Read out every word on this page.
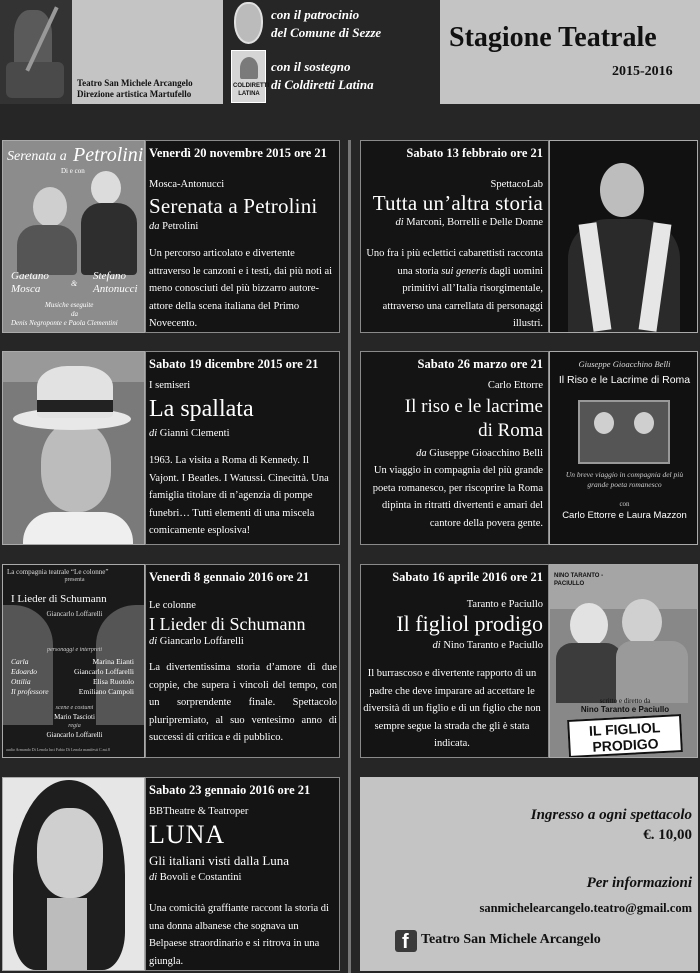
Teatro San Michele Arcangelo
Direzione artistica Martufello
COLDIRETTI LATINA
con il patrocinio
del Comune di Sezze
con il sostegno
di Coldiretti Latina
Stagione Teatrale
2015-2016
Serenata a Petrolini
Di e con
Gaetano Mosca	&
Stefano Antonucci
Musiche eseguite
da
Denis Negroponte e Paola Clementini
Venerdì 20 novembre 2015 ore 21
Mosca-Antonucci
Serenata a Petrolini
da Petrolini
Un percorso articolato e divertente attraverso le canzoni e i testi, dai più noti ai meno conosciuti del più bizzarro autore-attore della scena italiana del Primo Novecento.
Sabato 13 febbraio ore 21
SpettacoLab
Tutta un’altra storia
di Marconi, Borrelli e Delle Donne
Uno fra i più eclettici cabarettisti racconta una storia sui generis dagli uomini primitivi all’Italia risorgimentale, attraverso una carrellata di personaggi illustri.
Sabato 19 dicembre 2015 ore 21
I semiseri
La spallata
di Gianni Clementi
1963. La visita a Roma di Kennedy. Il Vajont. I Beatles. I Watussi. Cinecittà. Una famiglia titolare di n’agenzia di pompe funebri… Tutti elementi di una miscela comicamente esplosiva!
Sabato 26 marzo ore 21
Carlo Ettorre
Il riso e le lacrime
di Roma
da Giuseppe Gioacchino Belli
Un viaggio in compagnia del più grande poeta romanesco, per riscoprire la Roma dipinta in ritratti divertenti e amari del cantore della povera gente.
Giuseppe Gioacchino Belli
Il Riso e le Lacrime di Roma
Un breve viaggio in compagnia del più grande poeta romanesco
con
Carlo Ettorre e Laura Mazzon
La compagnia teatrale “Le colonne”
presenta
I Lieder di Schumann
Giancarlo Loffarelli
personaggi e interpreti
Carla
Edoardo
Ottilia
Il professore
Marina Eianti
Giancarlo Loffarelli
Elisa Ruotolo
Emiliano Campoli
scene e costumi
Mario Tascioti
regia
Giancarlo Loffarelli
audio Armando Di Lenola luci Fabio Di Lenola manifesti C.mi.8
Venerdì 8 gennaio 2016 ore 21
Le colonne
I Lieder di Schumann
di Giancarlo Loffarelli
La divertentissima storia d’amore di due coppie, che supera i vincoli del tempo, con un sorprendente finale. Spettacolo pluripremiato, al suo ventesimo anno di successi di critica e di pubblico.
Sabato 16 aprile 2016 ore 21
Taranto e Paciullo
Il figliol prodigo
di Nino Taranto e Paciullo
Il burrascoso e divertente rapporto di un padre che deve imparare ad accettare le diversità di un figlio e di un figlio che non sempre segue la strada che gli è stata indicata.
NINO TARANTO - PACIULLO
scritto e diretto da
Nino Taranto e Paciullo
IL FIGLIOL
PRODIGO
Sabato 23 gennaio 2016 ore 21
BBTheatre & Teatroper
LUNA
Gli italiani visti dalla Luna
di Bovoli e Costantini
Una comicità graffiante raccont la storia di una donna albanese che sognava un Belpaese straordinario e si ritrova in una giungla.
Ingresso a ogni spettacolo
€. 10,00
Per informazioni
sanmichelearcangelo.teatro@gmail.com
f Teatro San Michele Arcangelo
